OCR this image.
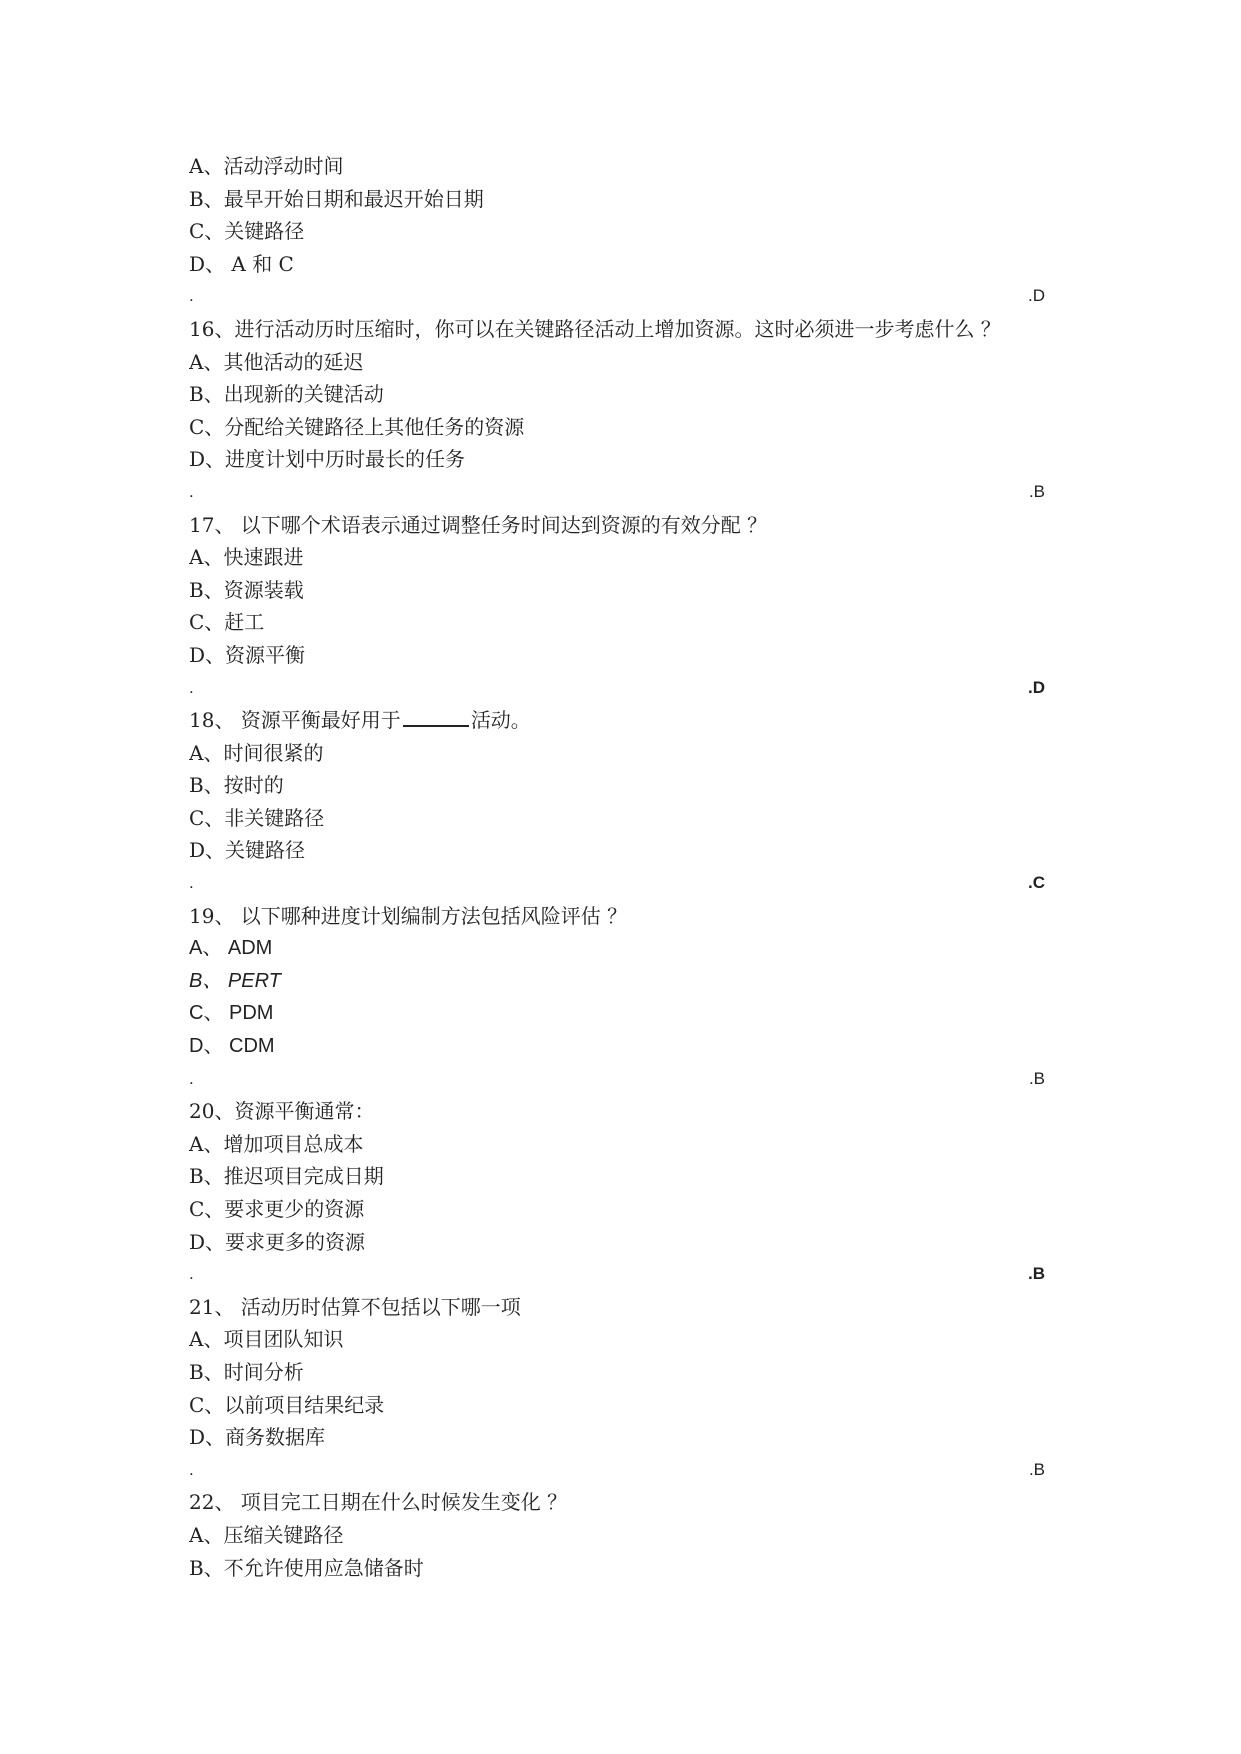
A、活动浮动时间
B、最早开始日期和最迟开始日期
C、关键路径
D、 A 和 C
.	.D
16、进行活动历时压缩时，你可以在关键路径活动上增加资源。这时必须进一步考虑什么 ？
A、其他活动的延迟
B、出现新的关键活动
C、分配给关键路径上其他任务的资源
D、进度计划中历时最长的任务
.	.B
17、 以下哪个术语表示通过调整任务时间达到资源的有效分配 ？
A、快速跟进
B、资源装载
C、赶工
D、资源平衡
.	.D
18、 资源平衡最好用于	活动。
A、时间很紧的
B、按时的
C、非关键路径
D、关键路径
.	.C
19、 以下哪种进度计划编制方法包括风险评估 ？
A、 ADM
B、 PERT
C、 PDM
D、 CDM
.	.B
20、资源平衡通常：
A、增加项目总成本
B、推迟项目完成日期
C、要求更少的资源
D、要求更多的资源
.	.B
21、 活动历时估算不包括以下哪一项
A、项目团队知识
B、时间分析
C、以前项目结果纪录
D、商务数据库
.	.B
22、 项目完工日期在什么时候发生变化 ？
A、压缩关键路径
B、不允许使用应急储备时
